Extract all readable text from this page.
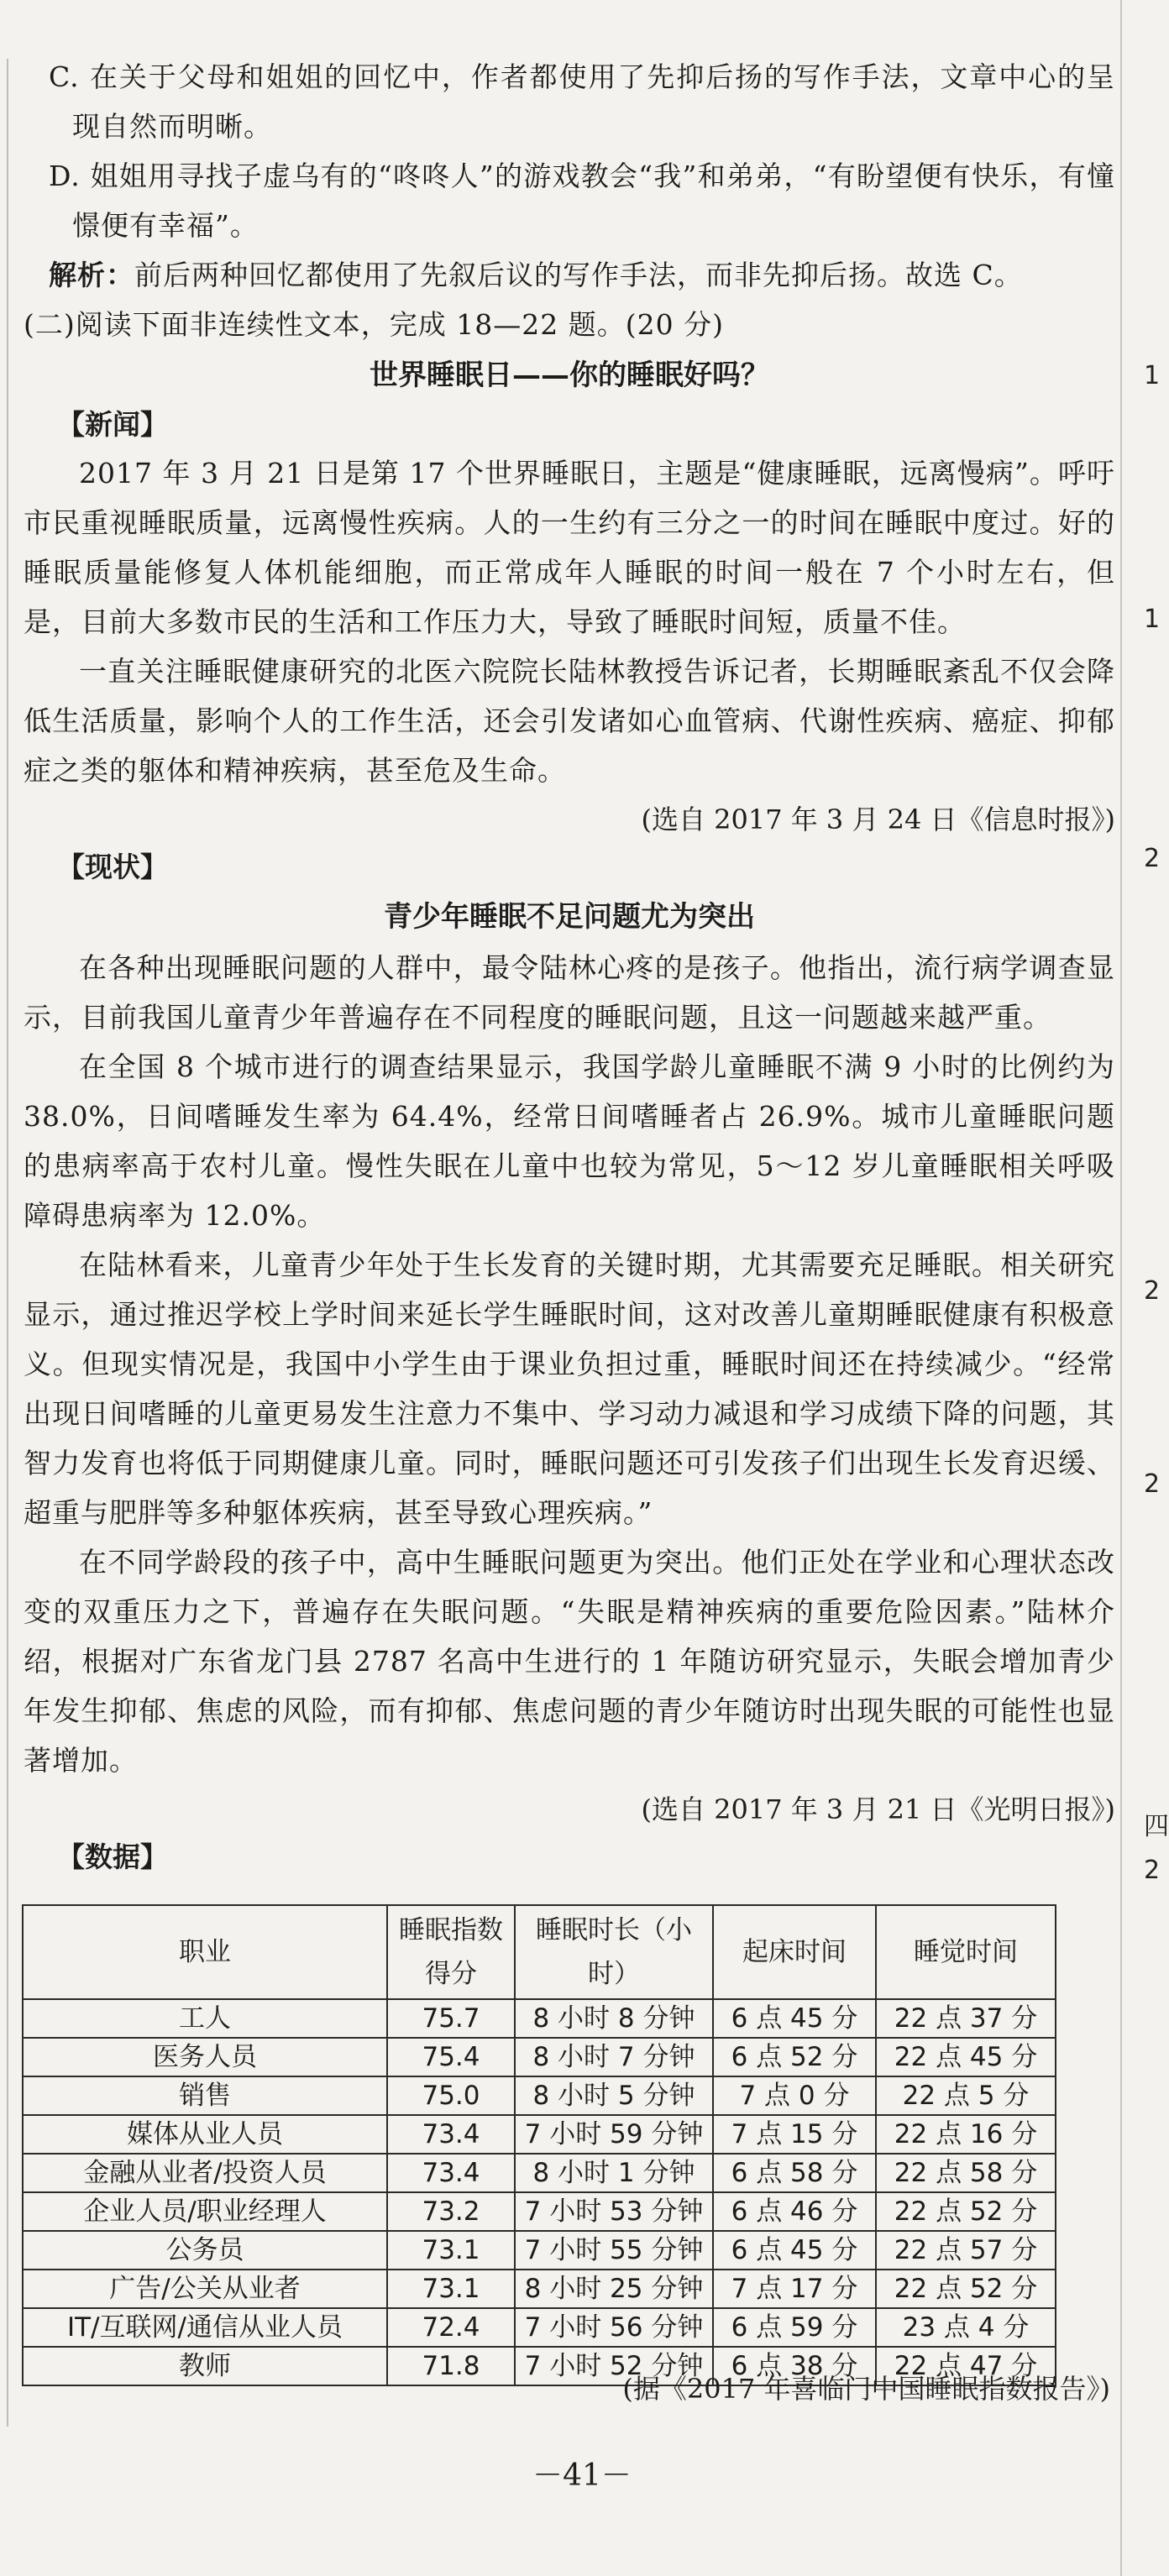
1
1
2
2
2
四
2

C. 在关于父母和姐姐的回忆中，作者都使用了先抑后扬的写作手法，文章中心的呈现自然而明晰。

D. 姐姐用寻找子虚乌有的“咚咚人”的游戏教会“我”和弟弟，“有盼望便有快乐，有憧憬便有幸福”。

解析：前后两种回忆都使用了先叙后议的写作手法，而非先抑后扬。故选 C。

(二)阅读下面非连续性文本，完成 18—22 题。(20 分)

世界睡眠日——你的睡眠好吗？

【新闻】

2017 年 3 月 21 日是第 17 个世界睡眠日，主题是“健康睡眠，远离慢病”。呼吁市民重视睡眠质量，远离慢性疾病。人的一生约有三分之一的时间在睡眠中度过。好的睡眠质量能修复人体机能细胞，而正常成年人睡眠的时间一般在 7 个小时左右，但是，目前大多数市民的生活和工作压力大，导致了睡眠时间短，质量不佳。

一直关注睡眠健康研究的北医六院院长陆林教授告诉记者，长期睡眠紊乱不仅会降低生活质量，影响个人的工作生活，还会引发诸如心血管病、代谢性疾病、癌症、抑郁症之类的躯体和精神疾病，甚至危及生命。

(选自 2017 年 3 月 24 日《信息时报》)

【现状】

青少年睡眠不足问题尤为突出

在各种出现睡眠问题的人群中，最令陆林心疼的是孩子。他指出，流行病学调查显示，目前我国儿童青少年普遍存在不同程度的睡眠问题，且这一问题越来越严重。

在全国 8 个城市进行的调查结果显示，我国学龄儿童睡眠不满 9 小时的比例约为 38.0%，日间嗜睡发生率为 64.4%，经常日间嗜睡者占 26.9%。城市儿童睡眠问题的患病率高于农村儿童。慢性失眠在儿童中也较为常见，5～12 岁儿童睡眠相关呼吸障碍患病率为 12.0%。

在陆林看来，儿童青少年处于生长发育的关键时期，尤其需要充足睡眠。相关研究显示，通过推迟学校上学时间来延长学生睡眠时间，这对改善儿童期睡眠健康有积极意义。但现实情况是，我国中小学生由于课业负担过重，睡眠时间还在持续减少。“经常出现日间嗜睡的儿童更易发生注意力不集中、学习动力减退和学习成绩下降的问题，其智力发育也将低于同期健康儿童。同时，睡眠问题还可引发孩子们出现生长发育迟缓、超重与肥胖等多种躯体疾病，甚至导致心理疾病。”

在不同学龄段的孩子中，高中生睡眠问题更为突出。他们正处在学业和心理状态改变的双重压力之下，普遍存在失眠问题。“失眠是精神疾病的重要危险因素。”陆林介绍，根据对广东省龙门县 2787 名高中生进行的 1 年随访研究显示，失眠会增加青少年发生抑郁、焦虑的风险，而有抑郁、焦虑问题的青少年随访时出现失眠的可能性也显著增加。

(选自 2017 年 3 月 21 日《光明日报》)

【数据】

职业	睡眠指数得分	睡眠时长（小时）	起床时间	睡觉时间
工人	75.7	8 小时 8 分钟	6 点 45 分	22 点 37 分
医务人员	75.4	8 小时 7 分钟	6 点 52 分	22 点 45 分
销售	75.0	8 小时 5 分钟	7 点 0 分	22 点 5 分
媒体从业人员	73.4	7 小时 59 分钟	7 点 15 分	22 点 16 分
金融从业者/投资人员	73.4	8 小时 1 分钟	6 点 58 分	22 点 58 分
企业人员/职业经理人	73.2	7 小时 53 分钟	6 点 46 分	22 点 52 分
公务员	73.1	7 小时 55 分钟	6 点 45 分	22 点 57 分
广告/公关从业者	73.1	8 小时 25 分钟	7 点 17 分	22 点 52 分
IT/互联网/通信从业人员	72.4	7 小时 56 分钟	6 点 59 分	23 点 4 分
教师	71.8	7 小时 52 分钟	6 点 38 分	22 点 47 分
(据《2017 年喜临门中国睡眠指数报告》)
－41－
